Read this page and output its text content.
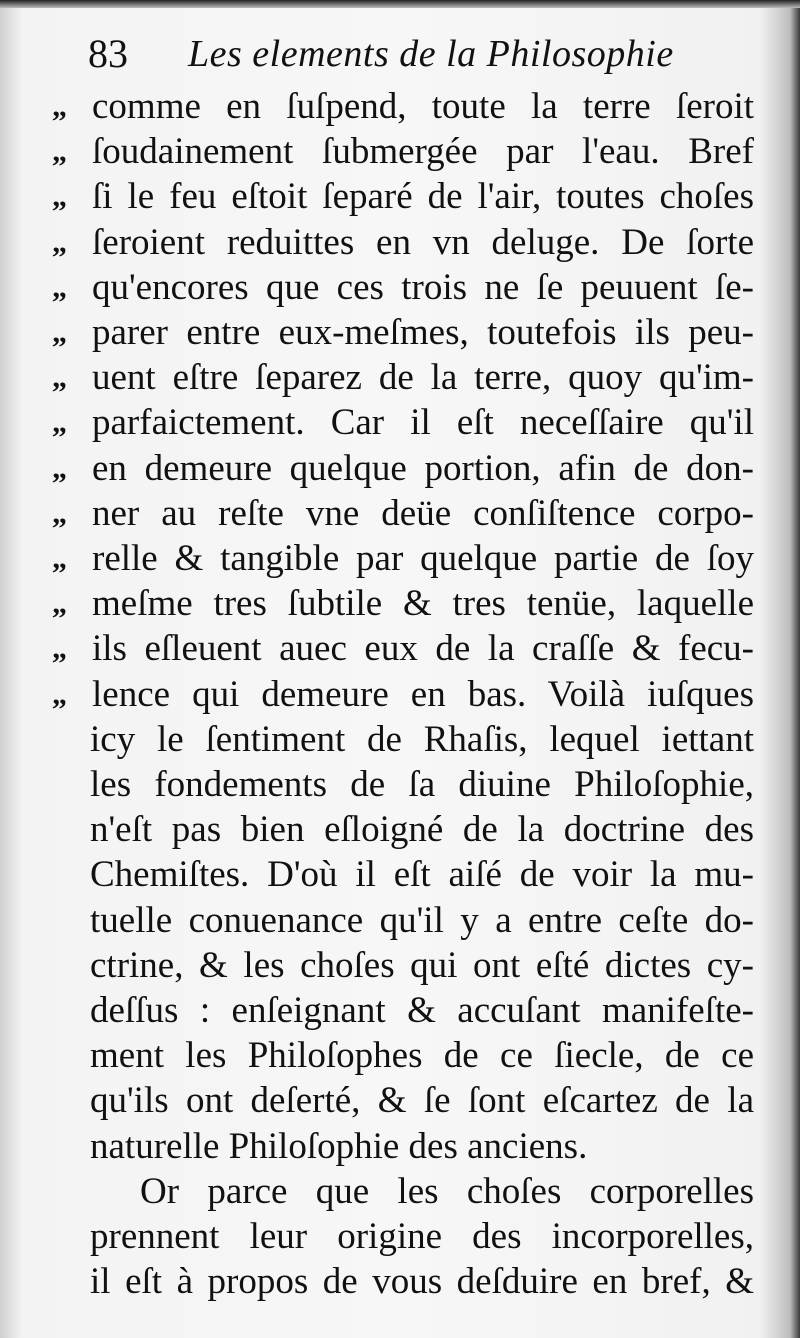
83 Les elements de la Philosophie
„ comme en ſuſpend, toute la terre ſeroit
„ ſoudainement ſubmergée par l'eau. Bref
„ ſi le feu eſtoit ſeparé de l'air, toutes choſes
„ ſeroient reduittes en vn deluge. De ſorte
„ qu'encores que ces trois ne ſe peuuent ſe-
„ parer entre eux-meſmes, toutefois ils peu-
„ uent eſtre ſeparez de la terre, quoy qu'im-
„ parfaictement. Car il eſt neceſſaire qu'il
„ en demeure quelque portion, afin de don-
„ ner au reſte vne deüe conſiſtence corpo-
„ relle & tangible par quelque partie de ſoy
„ meſme tres ſubtile & tres tenüe, laquelle
„ ils eſleuent auec eux de la craſſe & fecu-
„ lence qui demeure en bas. Voilà iuſques
icy le ſentiment de Rhaſis, lequel iettant
les fondements de ſa diuine Philoſophie,
n'eſt pas bien eſloigné de la doctrine des
Chemiſtes. D'où il eſt aiſé de voir la mu-
tuelle conuenance qu'il y a entre ceſte do-
ctrine, & les choſes qui ont eſté dictes cy-
deſſus : enſeignant & accuſant manifeſte-
ment les Philoſophes de ce ſiecle, de ce
qu'ils ont deſerté, & ſe ſont eſcartez de la
naturelle Philoſophie des anciens.
Or parce que les choſes corporelles
prennent leur origine des incorporelles,
il eſt à propos de vous deſduire en bref, &
